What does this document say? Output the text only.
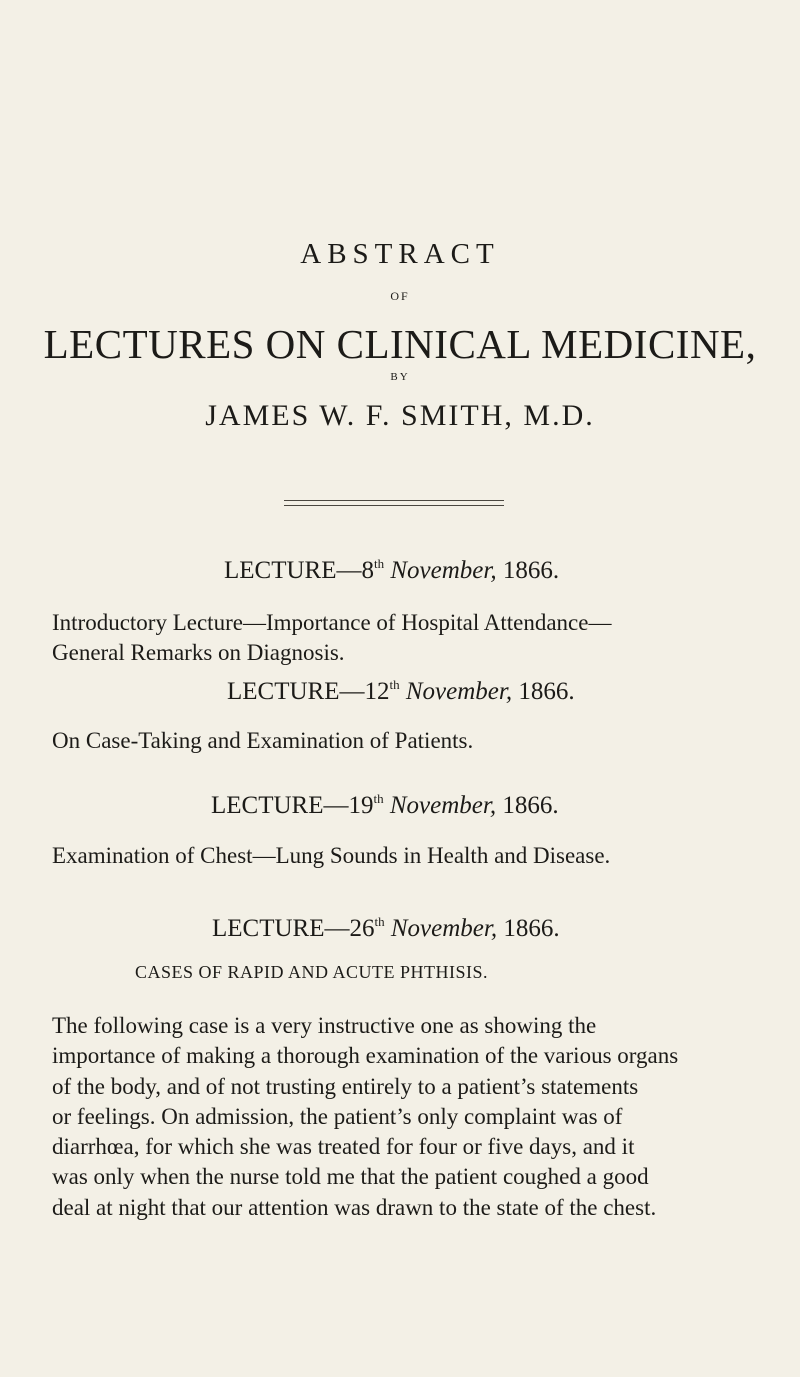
ABSTRACT
OF
LECTURES ON CLINICAL MEDICINE,
BY
JAMES W. F. SMITH, M.D.
LECTURE—8th November, 1866.
Introductory Lecture—Importance of Hospital Attendance—
General Remarks on Diagnosis.
LECTURE—12th November, 1866.
On Case-Taking and Examination of Patients.
LECTURE—19th November, 1866.
Examination of Chest—Lung Sounds in Health and Disease.
LECTURE—26th November, 1866.
CASES OF RAPID AND ACUTE PHTHISIS.
The following case is a very instructive one as showing the
importance of making a thorough examination of the various organs
of the body, and of not trusting entirely to a patient’s statements
or feelings. On admission, the patient’s only complaint was of
diarrhœa, for which she was treated for four or five days, and it
was only when the nurse told me that the patient coughed a good
deal at night that our attention was drawn to the state of the chest.
